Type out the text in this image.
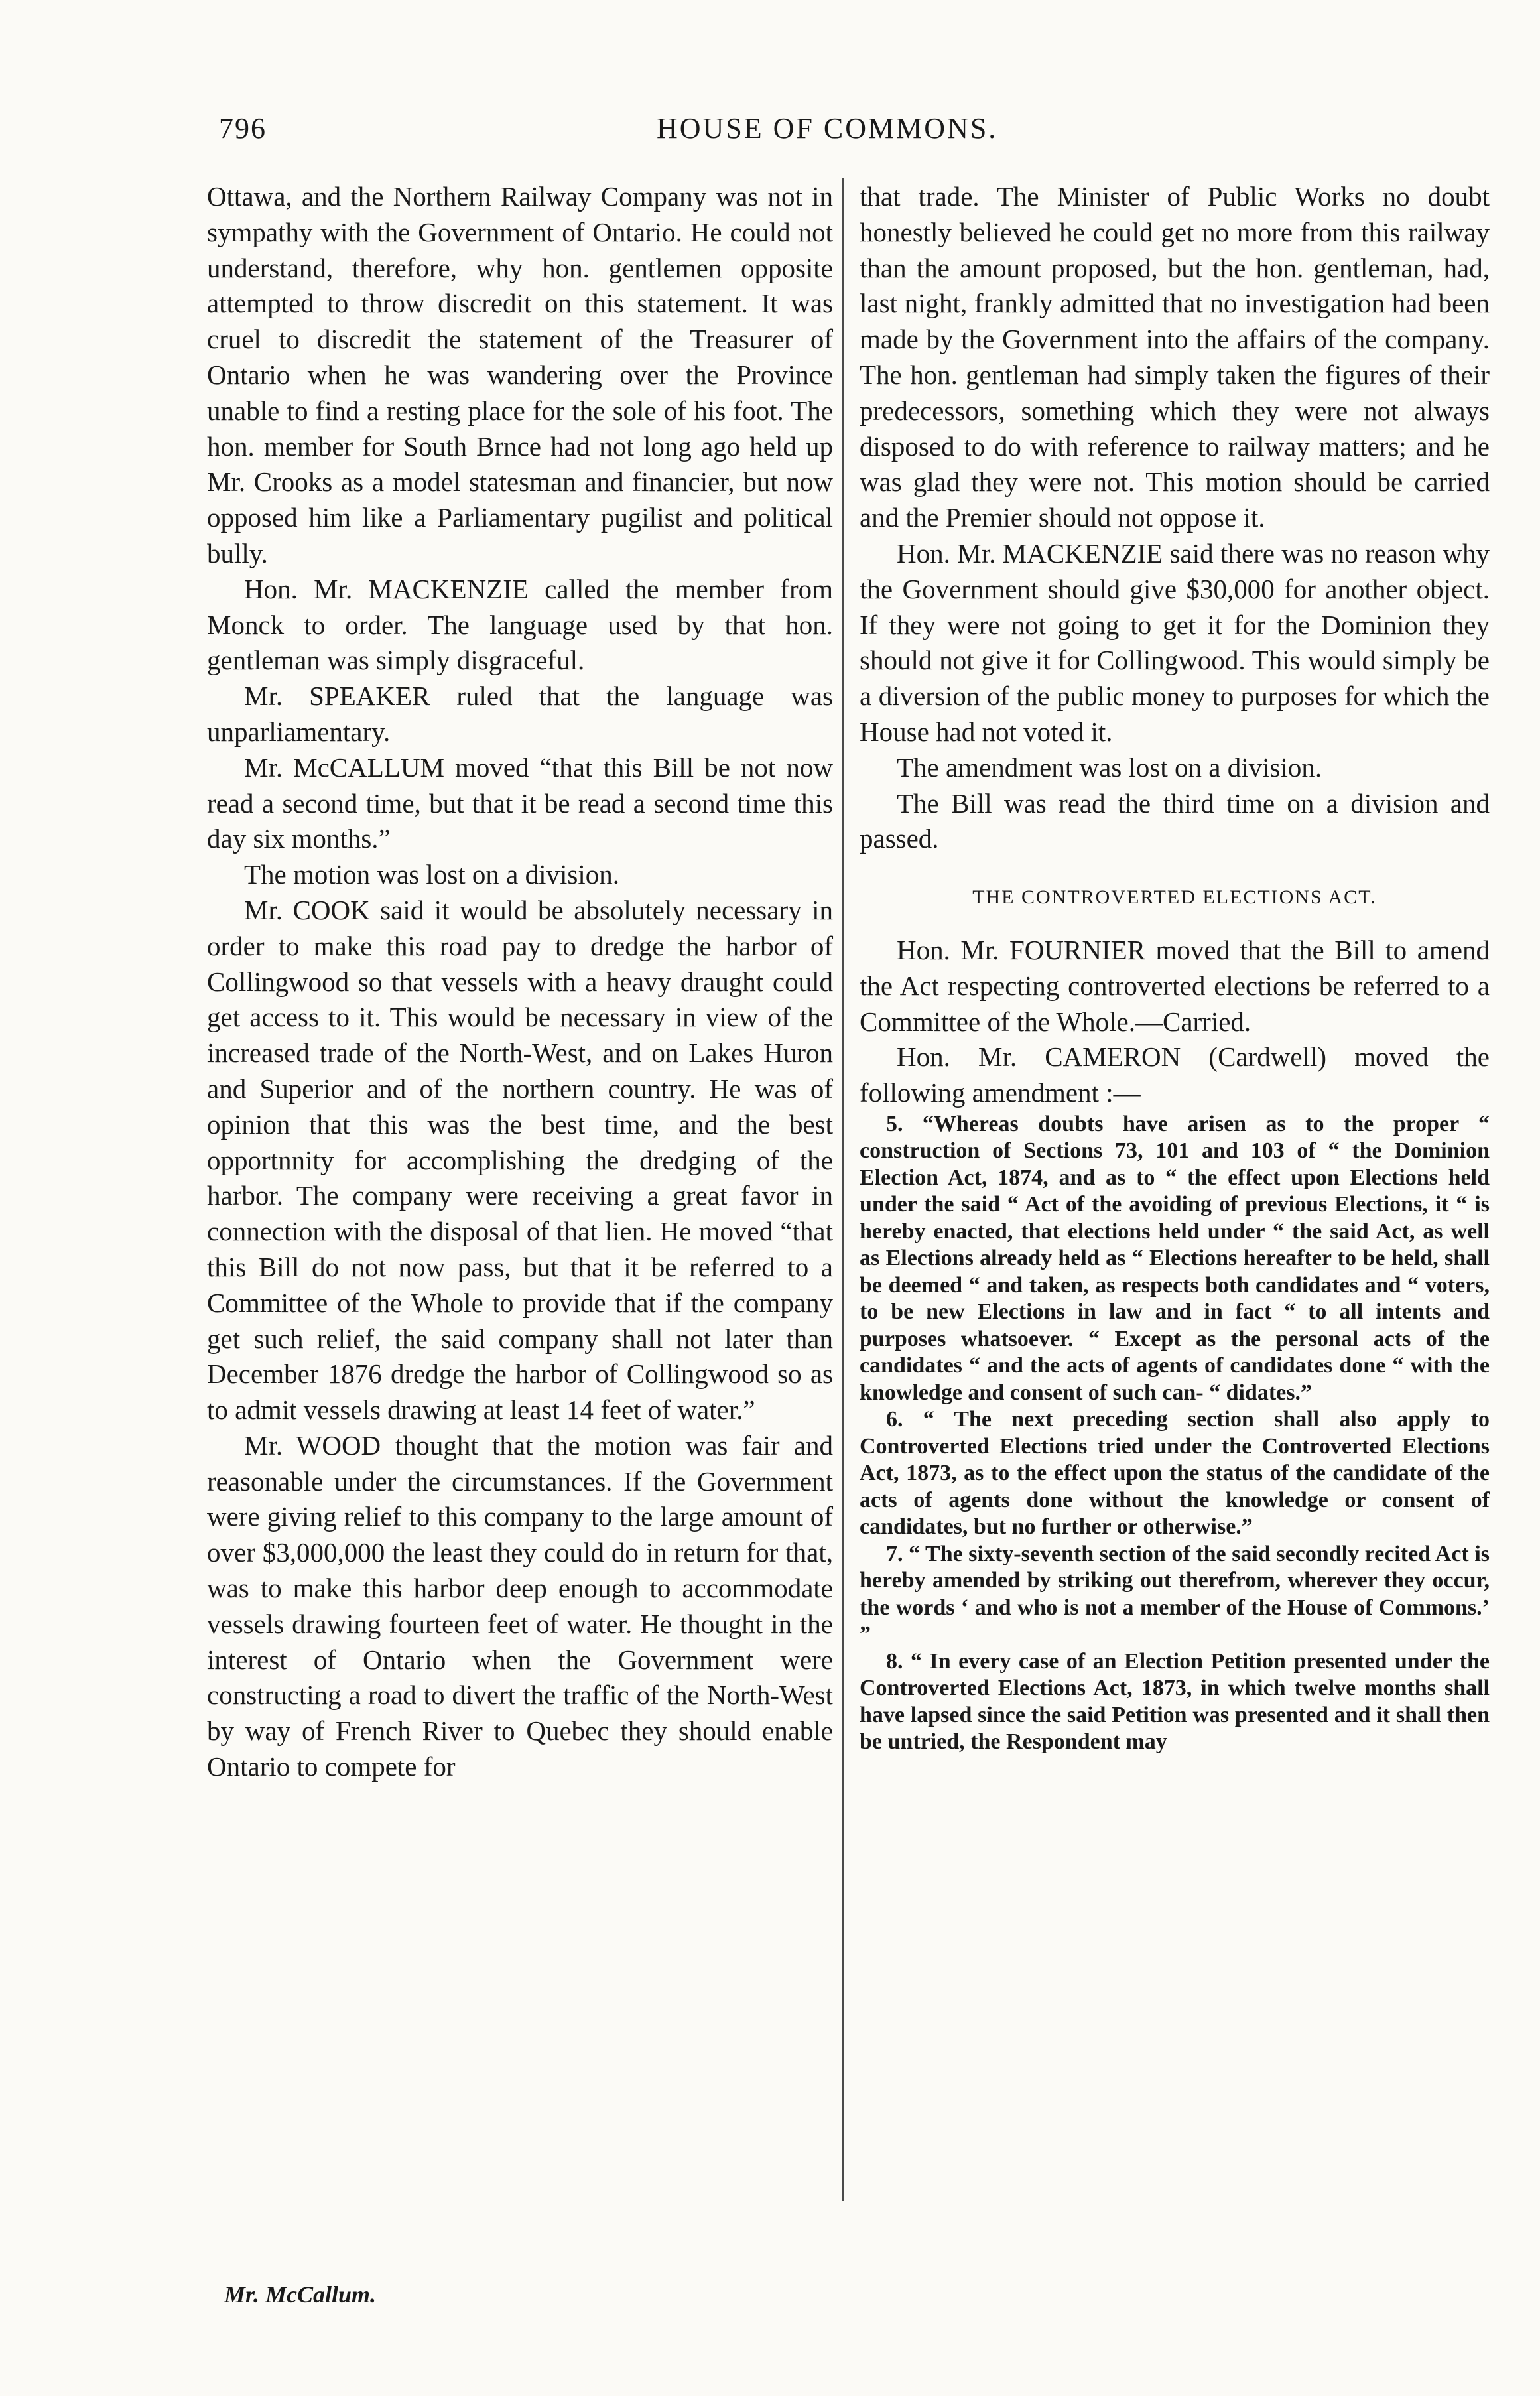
796	HOUSE OF COMMONS.

Ottawa, and the Northern Railway Company was not in sympathy with the Government of Ontario. He could not understand, therefore, why hon. gentlemen opposite attempted to throw discredit on this statement. It was cruel to discredit the statement of the Treasurer of Ontario when he was wandering over the Province unable to find a resting place for the sole of his foot. The hon. member for South Brnce had not long ago held up Mr. Crooks as a model statesman and financier, but now opposed him like a Parliamentary pugilist and political bully.

Hon. Mr. MACKENZIE called the member from Monck to order. The language used by that hon. gentleman was simply disgraceful.

Mr. SPEAKER ruled that the language was unparliamentary.

Mr. McCALLUM moved “that this Bill be not now read a second time, but that it be read a second time this day six months.”

The motion was lost on a division.

Mr. COOK said it would be absolutely necessary in order to make this road pay to dredge the harbor of Collingwood so that vessels with a heavy draught could get access to it. This would be necessary in view of the increased trade of the North-West, and on Lakes Huron and Superior and of the northern country. He was of opinion that this was the best time, and the best opportnnity for accomplishing the dredging of the harbor. The company were receiving a great favor in connection with the disposal of that lien. He moved “that this Bill do not now pass, but that it be referred to a Committee of the Whole to provide that if the company get such relief, the said company shall not later than December 1876 dredge the harbor of Collingwood so as to admit vessels drawing at least 14 feet of water.”

Mr. WOOD thought that the motion was fair and reasonable under the circumstances. If the Government were giving relief to this company to the large amount of over $3,000,000 the least they could do in return for that, was to make this harbor deep enough to accommodate vessels drawing fourteen feet of water. He thought in the interest of Ontario when the Government were constructing a road to divert the traffic of the North-West by way of French River to Quebec they should enable Ontario to compete for

that trade. The Minister of Public Works no doubt honestly believed he could get no more from this railway than the amount proposed, but the hon. gentleman, had, last night, frankly admitted that no investigation had been made by the Government into the affairs of the company. The hon. gentleman had simply taken the figures of their predecessors, something which they were not always disposed to do with reference to railway matters; and he was glad they were not. This motion should be carried and the Premier should not oppose it.

Hon. Mr. MACKENZIE said there was no reason why the Government should give $30,000 for another object. If they were not going to get it for the Dominion they should not give it for Collingwood. This would simply be a diversion of the public money to purposes for which the House had not voted it.

The amendment was lost on a division.

The Bill was read the third time on a division and passed.

THE CONTROVERTED ELECTIONS ACT.

Hon. Mr. FOURNIER moved that the Bill to amend the Act respecting controverted elections be referred to a Committee of the Whole.—Carried.

Hon. Mr. CAMERON (Cardwell) moved the following amendment :—

5. “Whereas doubts have arisen as to the proper “ construction of Sections 73, 101 and 103 of “ the Dominion Election Act, 1874, and as to “ the effect upon Elections held under the said “ Act of the avoiding of previous Elections, it “ is hereby enacted, that elections held under “ the said Act, as well as Elections already held as “ Elections hereafter to be held, shall be deemed “ and taken, as respects both candidates and “ voters, to be new Elections in law and in fact “ to all intents and purposes whatsoever. “ Except as the personal acts of the candidates “ and the acts of agents of candidates done “ with the knowledge and consent of such can- “ didates.”

6. “ The next preceding section shall also apply to Controverted Elections tried under the Controverted Elections Act, 1873, as to the effect upon the status of the candidate of the acts of agents done without the knowledge or consent of candidates, but no further or otherwise.”

7. “ The sixty-seventh section of the said secondly recited Act is hereby amended by striking out therefrom, wherever they occur, the words ‘ and who is not a member of the House of Commons.’ ”

8. “ In every case of an Election Petition presented under the Controverted Elections Act, 1873, in which twelve months shall have lapsed since the said Petition was presented and it shall then be untried, the Respondent may

Mr. McCallum.
